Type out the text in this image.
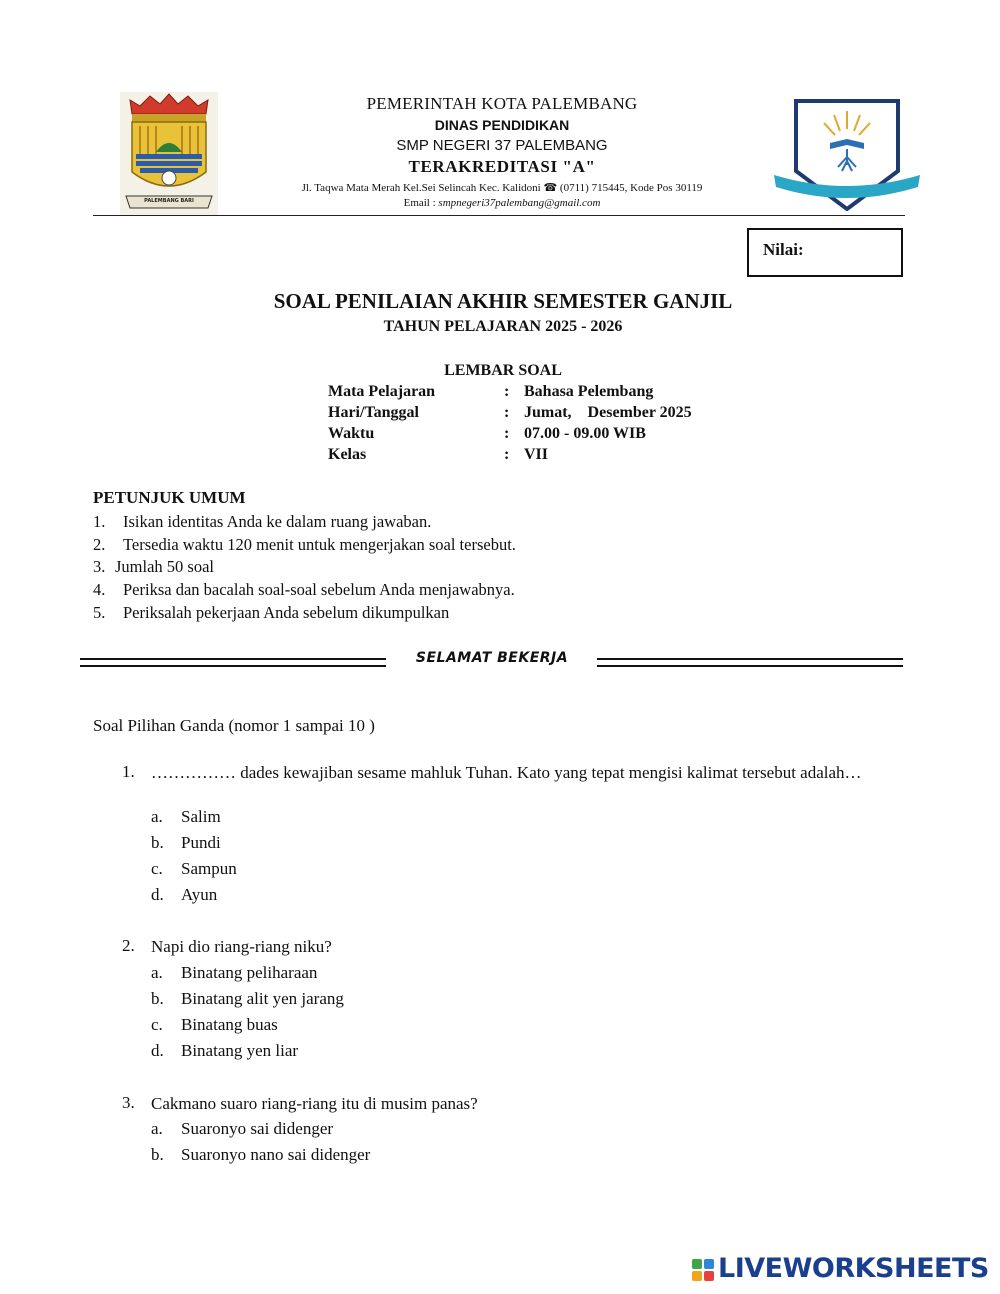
PALEMBANG BARI
PEMERINTAH KOTA PALEMBANG
DINAS PENDIDIKAN
SMP NEGERI 37 PALEMBANG
TERAKREDITASI "A"
Jl. Taqwa Mata Merah Kel.Sei Selincah Kec. Kalidoni ☎ (0711) 715445, Kode Pos 30119
Email : smpnegeri37palembang@gmail.com
SMP NEGERI 37 PALEMBANG
Nilai:
SOAL PENILAIAN AKHIR SEMESTER GANJIL
TAHUN PELAJARAN 2025 - 2026
LEMBAR SOAL
Mata Pelajaran	: Bahasa Pelembang
Hari/Tanggal	: Jumat,    Desember 2025
Waktu	: 07.00 - 09.00 WIB
Kelas	: VII
PETUNJUK UMUM
1. Isikan identitas Anda ke dalam ruang jawaban.
2. Tersedia waktu 120 menit untuk mengerjakan soal tersebut.
3. Jumlah 50 soal
4. Periksa dan bacalah soal-soal sebelum Anda menjawabnya.
5. Periksalah pekerjaan Anda sebelum dikumpulkan
SELAMAT BEKERJA
Soal Pilihan Ganda (nomor 1 sampai 10 )
1. …………… dades kewajiban sesame mahluk Tuhan. Kato yang tepat mengisi kalimat tersebut adalah…
a. Salim
b. Pundi
c. Sampun
d. Ayun
2. Napi dio riang-riang niku?
a. Binatang peliharaan
b. Binatang alit yen jarang
c. Binatang buas
d. Binatang yen liar
3. Cakmano suaro riang-riang itu di musim panas?
a. Suaronyo sai didenger
b. Suaronyo nano sai didenger
LIVEWORKSHEETS
